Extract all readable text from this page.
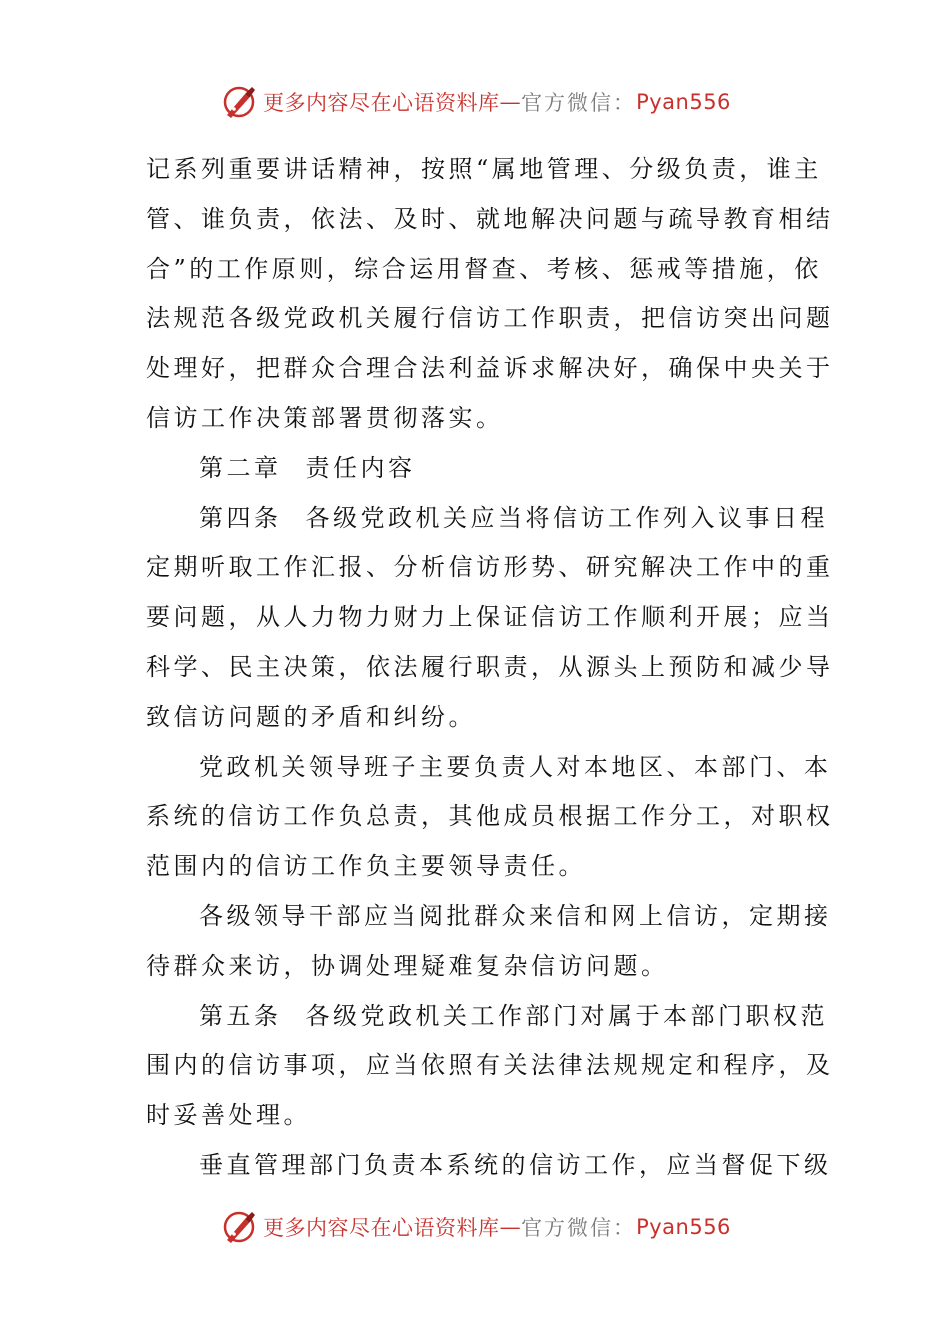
更多内容尽在心语资料库 — 官方微信： Pyan556

记系列重要讲话精神，按照“属地管理、分级负责，谁主
管、谁负责，依法、及时、就地解决问题与疏导教育相结
合”的工作原则，综合运用督查、考核、惩戒等措施，依
法规范各级党政机关履行信访工作职责，把信访突出问题
处理好，把群众合理合法利益诉求解决好，确保中央关于
信访工作决策部署贯彻落实。

第二章 责任内容

第四条 各级党政机关应当将信访工作列入议事日程
定期听取工作汇报、分析信访形势、研究解决工作中的重
要问题，从人力物力财力上保证信访工作顺利开展；应当
科学、民主决策，依法履行职责，从源头上预防和减少导
致信访问题的矛盾和纠纷。

党政机关领导班子主要负责人对本地区、本部门、本
系统的信访工作负总责，其他成员根据工作分工，对职权
范围内的信访工作负主要领导责任。

各级领导干部应当阅批群众来信和网上信访，定期接
待群众来访，协调处理疑难复杂信访问题。

第五条 各级党政机关工作部门对属于本部门职权范
围内的信访事项，应当依照有关法律法规规定和程序，及
时妥善处理。

垂直管理部门负责本系统的信访工作，应当督促下级

更多内容尽在心语资料库 — 官方微信： Pyan556
